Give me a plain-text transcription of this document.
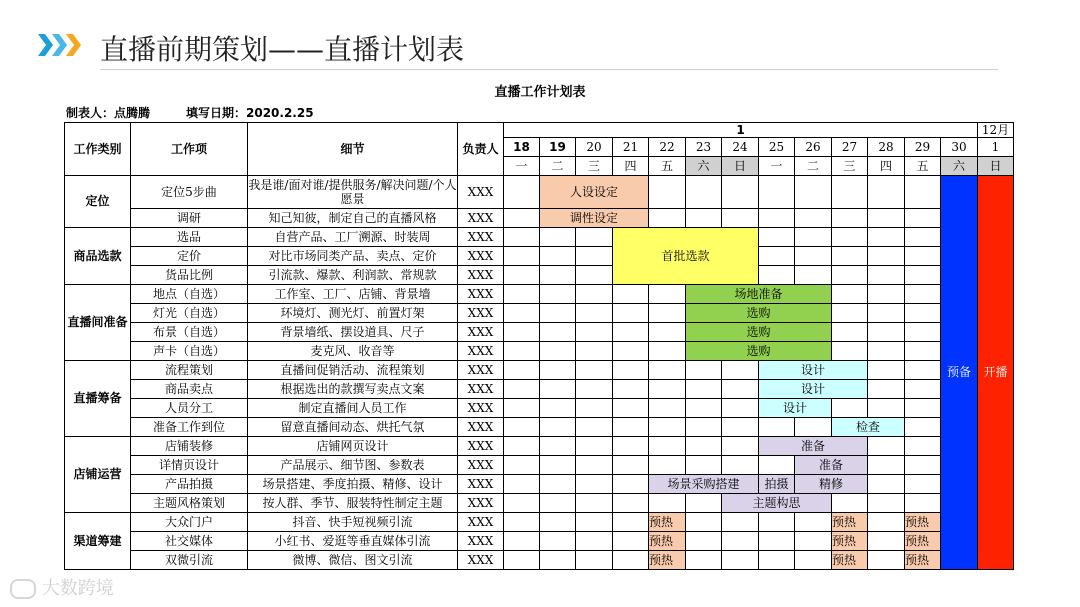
直播前期策划——直播计划表
直播工作计划表
制表人：点腾腾	填写日期：2020.2.25
工作类别	工作项	细节	负责人	1													12月
				18	19	20	21	22	23	24	25	26	27	28	29	30	1
				一	二	三	四	五	六	日	一	二	三	四	五	六	日
定位	定位5步曲	我是谁/面对谁/提供服务/解决问题/个人愿景	XXX		人设设定											预备	开播
	调研	知己知彼，制定自己的直播风格	XXX		调性设定												
商品选款	选品	自营产品、工厂溯源、时装周	XXX				首批选款										
	定价	对比市场同类产品、卖点、定价	XXX														
	货品比例	引流款、爆款、利润款、常规款	XXX														
直播间准备	地点（自选）	工作室、工厂、店铺、背景墙	XXX						场地准备								
	灯光（自选）	环境灯、测光灯、前置灯架	XXX						选购								
	布景（自选）	背景墙纸、摆设道具、尺子	XXX						选购								
	声卡（自选）	麦克风、收音等	XXX						选购								
直播筹备	流程策划	直播间促销活动、流程策划	XXX								设计						
	商品卖点	根据选出的款撰写卖点文案	XXX								设计						
	人员分工	制定直播间人员工作	XXX								设计						
	准备工作到位	留意直播间动态、烘托气氛	XXX										检查				
店铺运营	店铺装修	店铺网页设计	XXX								准备						
	详情页设计	产品展示、细节图、参数表	XXX									准备					
	产品拍摄	场景搭建、季度拍摄、精修、设计	XXX					场景采购搭建			拍摄	精修					
	主题风格策划	按人群、季节、服装特性制定主题	XXX							主题构思							
渠道筹建	大众门户	抖音、快手短视频引流	XXX					预热					预热		预热		
	社交媒体	小红书、爱逛等垂直媒体引流	XXX					预热					预热		预热		
	双微引流	微博、微信、图文引流	XXX					预热					预热		预热		
大数跨境
